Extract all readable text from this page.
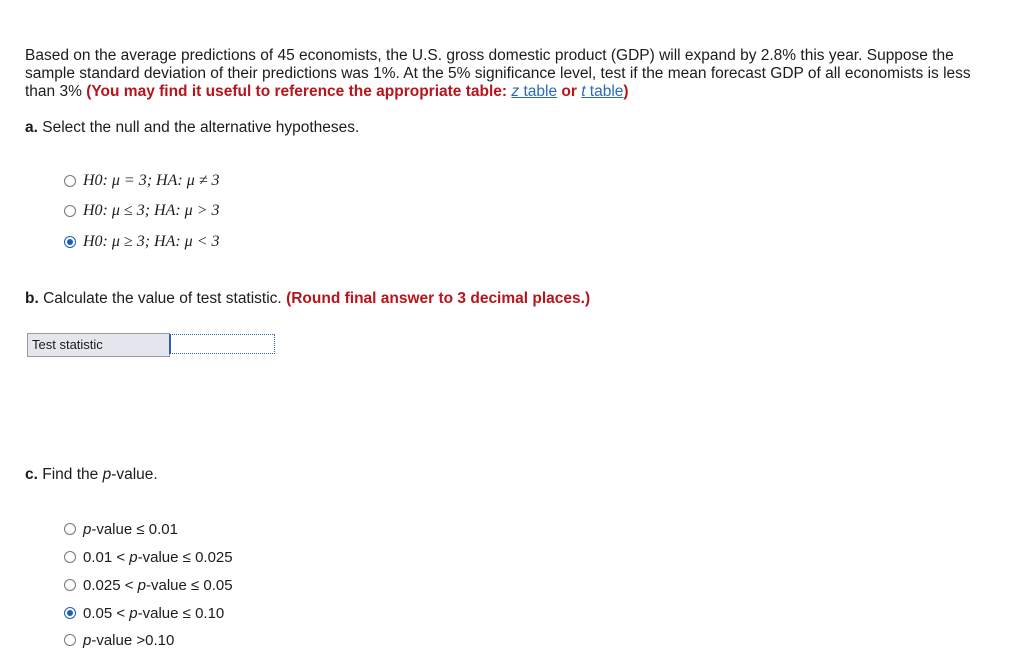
Based on the average predictions of 45 economists, the U.S. gross domestic product (GDP) will expand by 2.8% this year. Suppose the sample standard deviation of their predictions was 1%. At the 5% significance level, test if the mean forecast GDP of all economists is less than 3% (You may find it useful to reference the appropriate table: z table or t table)
a. Select the null and the alternative hypotheses.
H0: μ = 3; HA: μ ≠ 3
H0: μ ≤ 3; HA: μ > 3
H0: μ ≥ 3; HA: μ < 3
b. Calculate the value of test statistic. (Round final answer to 3 decimal places.)
Test statistic
c. Find the p-value.
p-value ≤ 0.01
0.01 < p-value ≤ 0.025
0.025 < p-value ≤ 0.05
0.05 < p-value ≤ 0.10
p-value >0.10
